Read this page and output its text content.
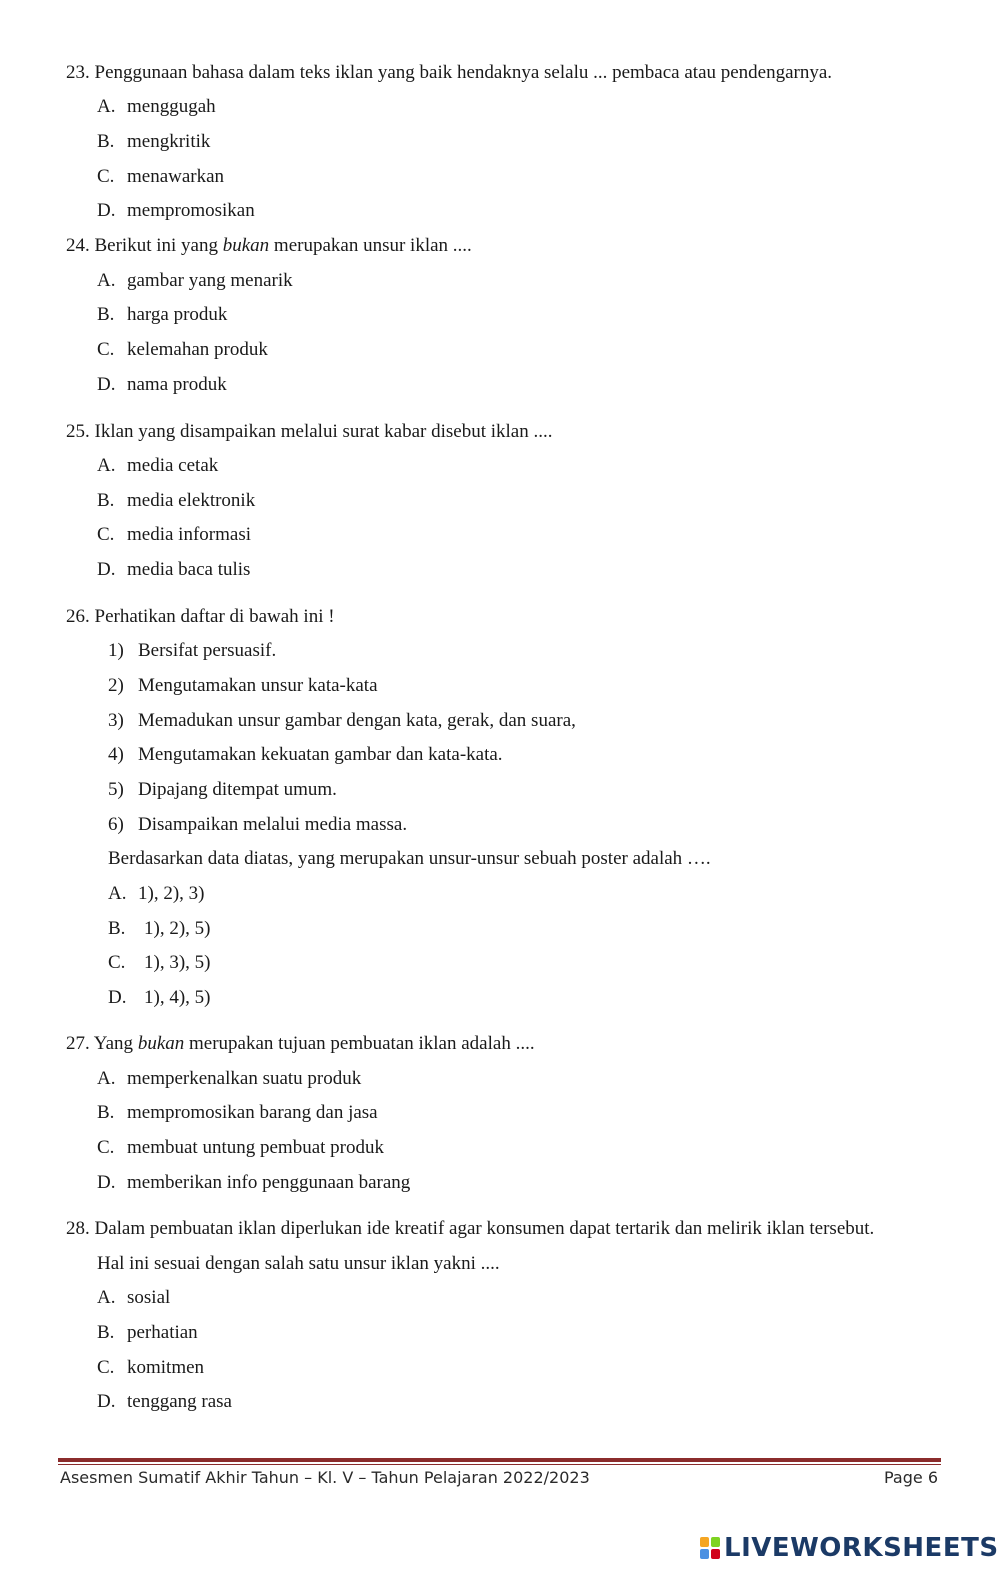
23. Penggunaan bahasa dalam teks iklan yang baik hendaknya selalu ... pembaca atau pendengarnya.
A. menggugah
B. mengkritik
C. menawarkan
D. mempromosikan
24. Berikut ini yang bukan merupakan unsur iklan ....
A. gambar yang menarik
B. harga produk
C. kelemahan produk
D. nama produk
25. Iklan yang disampaikan melalui surat kabar disebut iklan ....
A. media cetak
B. media elektronik
C. media informasi
D. media baca tulis
26. Perhatikan daftar di bawah ini !
1) Bersifat persuasif.
2) Mengutamakan unsur kata-kata
3) Memadukan unsur gambar dengan kata, gerak, dan suara,
4) Mengutamakan kekuatan gambar dan kata-kata.
5) Dipajang ditempat umum.
6) Disampaikan melalui media massa.
Berdasarkan data diatas, yang merupakan unsur-unsur sebuah poster adalah ….
A. 1), 2), 3)
B. 1), 2), 5)
C. 1), 3), 5)
D. 1), 4), 5)
27. Yang bukan merupakan tujuan pembuatan iklan adalah ....
A. memperkenalkan suatu produk
B. mempromosikan barang dan jasa
C. membuat untung pembuat produk
D. memberikan info penggunaan barang
28. Dalam pembuatan iklan diperlukan ide kreatif agar konsumen dapat tertarik dan melirik iklan tersebut.
Hal ini sesuai dengan salah satu unsur iklan yakni ....
A. sosial
B. perhatian
C. komitmen
D. tenggang rasa
Asesmen Sumatif Akhir Tahun – Kl. V – Tahun Pelajaran 2022/2023	Page 6
LIVEWORKSHEETS
